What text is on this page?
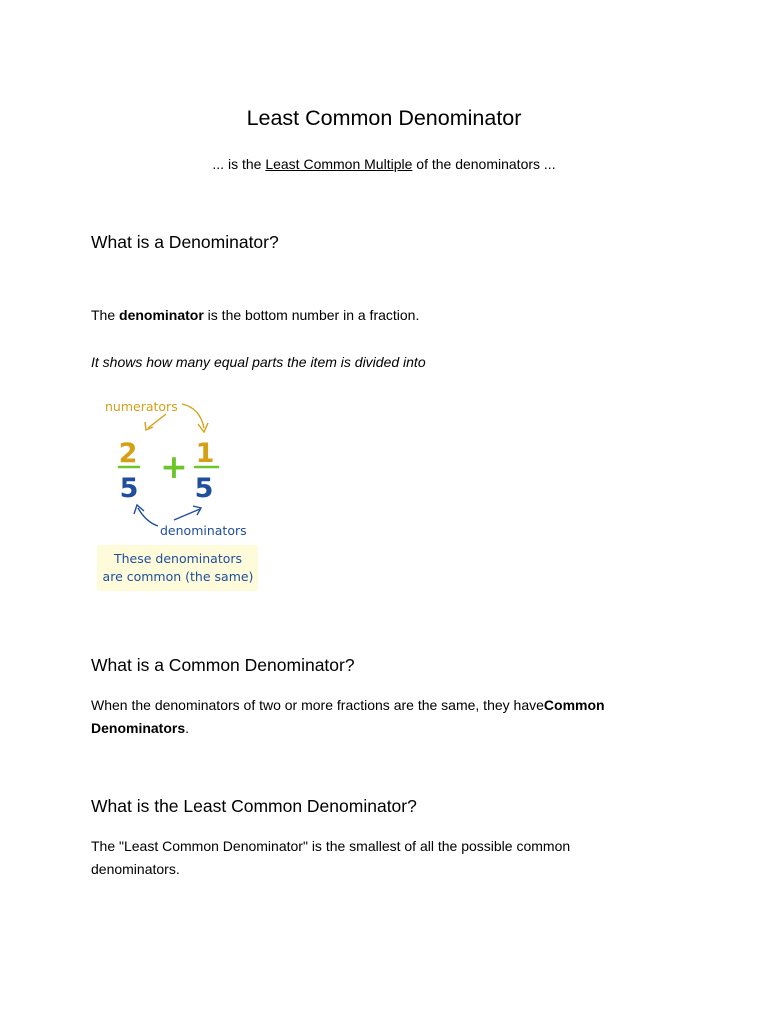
Least Common Denominator

... is the Least Common Multiple of the denominators ...

What is a Denominator?

The denominator is the bottom number in a fraction.

It shows how many equal parts the item is divided into

numerators
2
5
+ 1
5
denominators
These denominators
are common (the same)
What is a Common Denominator?

When the denominators of two or more fractions are the same, they haveCommon Denominators.

What is the Least Common Denominator?

The "Least Common Denominator" is the smallest of all the possible common denominators.
